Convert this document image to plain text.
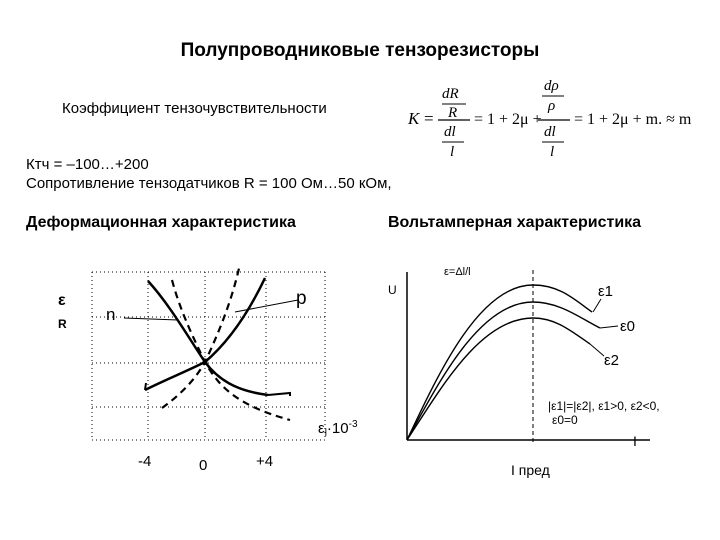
Полупроводниковые тензорезисторы
Коэффициент тензочувствительности
K =
dR
R
dl
l
= 1 + 2μ +
dρ
ρ
dl
l
= 1 + 2μ + m. ≈ m
Ктч = –100…+200
Сопротивление тензодатчиков R = 100 Ом…50 кОм,
Деформационная характеристика	Вольтамперная характеристика
p
n
ε
R
$\varepsilon_l\cdot 10^{-3}$
-4	0	+4
U
ε=Δl/l
ε1
ε0
ε2
|ε1|=|ε2|, ε1>0, ε2<0,
ε0=0
I
I пред
